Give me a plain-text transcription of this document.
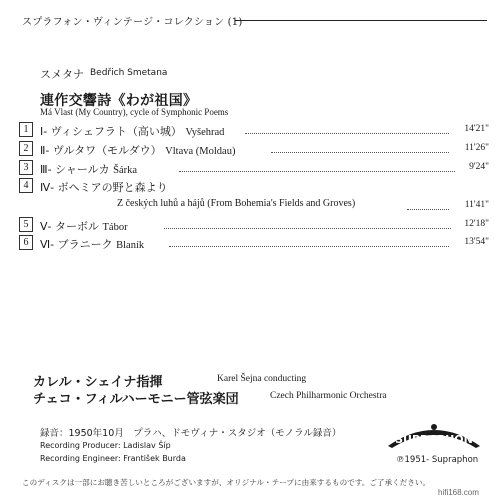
スプラフォン・ヴィンテージ・コレクション (1)
スメタナ Bedřich Smetana
連作交響詩《わが祖国》
Má Vlast (My Country), cycle of Symphonic Poems
1	Ⅰ- ヴィシェフラト（高い城） Vyšehrad	14'21"
2	Ⅱ- ヴルタワ（モルダウ） Vltava (Moldau)	11'26"
3	Ⅲ- シャールカ Šárka	9'24"
4	Ⅳ- ボヘミアの野と森より
Z českých luhů a hájů (From Bohemia's Fields and Groves)	11'41"
5	Ⅴ- ターボル Tábor	12'18"
6	Ⅵ- ブラニーク Blaník	13'54"
カレル・シェイナ指揮	Karel Šejna conducting
チェコ・フィルハーモニー管弦楽団	Czech Philharmonic Orchestra
録音：1950年10月　プラハ、ドモヴィナ・スタジオ（モノラル録音）
Recording Producer: Ladislav Šíp
Recording Engineer: František Burda
SUPRAPHON
℗1951- Supraphon
このディスクは一部にお聴き苦しいところがございますが、オリジナル・テープに由来するものです。ご了承ください。
hifi168.com
